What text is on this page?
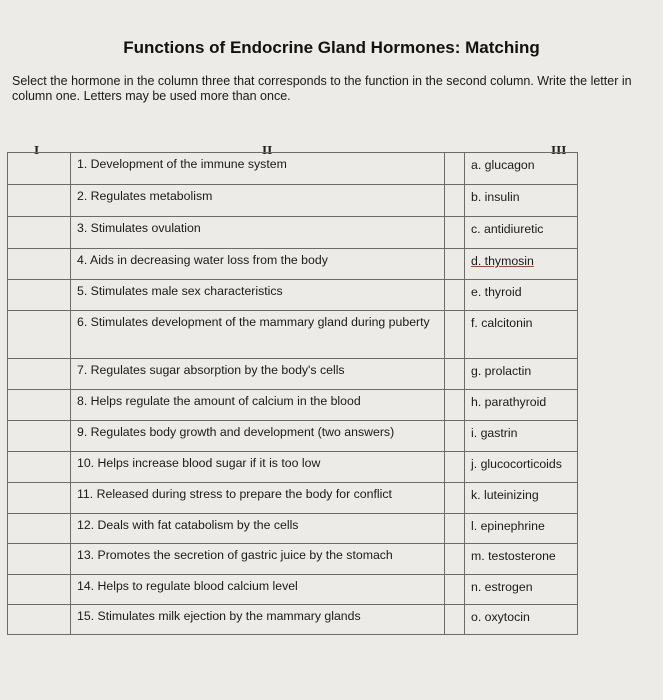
Functions of Endocrine Gland Hormones: Matching
Select the hormone in the column three that corresponds to the function in the second column. Write the letter in column one. Letters may be used more than once.
I	II	III
1. Development of the immune system	a. glucagon
2. Regulates metabolism	b. insulin
3. Stimulates ovulation	c. antidiuretic
4. Aids in decreasing water loss from the body	d. thymosin
5. Stimulates male sex characteristics	e. thyroid
6. Stimulates development of the mammary gland during puberty	f. calcitonin
7. Regulates sugar absorption by the body's cells	g. prolactin
8. Helps regulate the amount of calcium in the blood	h. parathyroid
9. Regulates body growth and development (two answers)	i. gastrin
10. Helps increase blood sugar if it is too low	j. glucocorticoids
11. Released during stress to prepare the body for conflict	k. luteinizing
12. Deals with fat catabolism by the cells	l. epinephrine
13. Promotes the secretion of gastric juice by the stomach	m. testosterone
14. Helps to regulate blood calcium level	n. estrogen
15. Stimulates milk ejection by the mammary glands	o. oxytocin
